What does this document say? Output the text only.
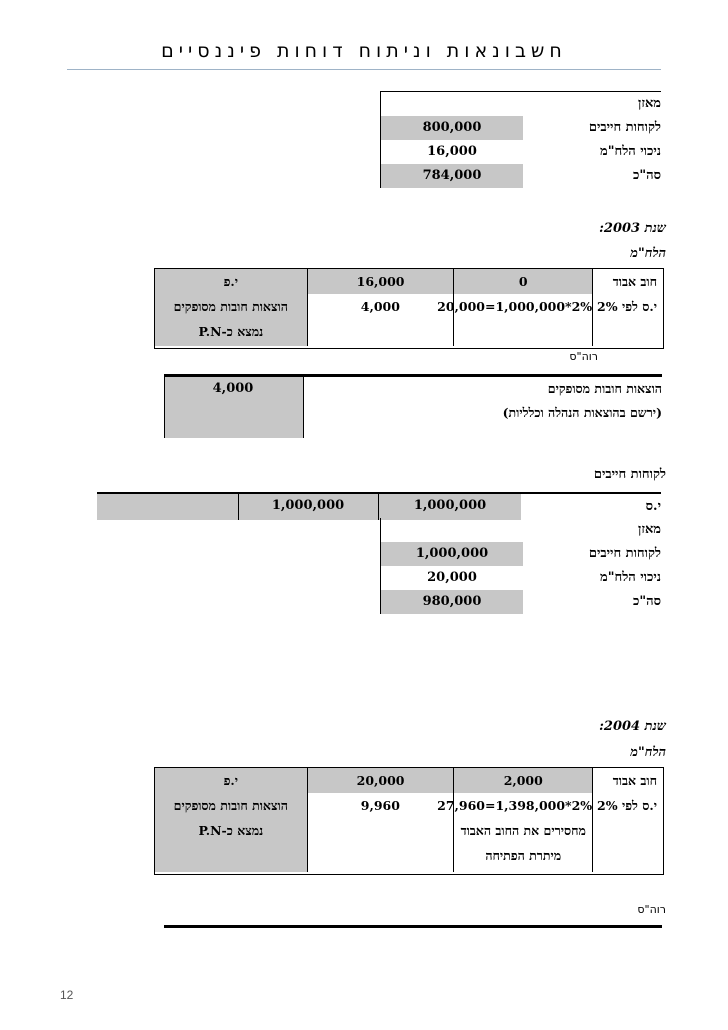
חשבונאות וניתוח דוחות פיננסיים
מאזן
לקוחות חייבים
800,000
ניכוי הלח"מ
16,000
סה"כ
784,000
שנת 2003:
הלח"מ
חוב אבוד
0
16,000
י.פ
י.ס לפי 2%
2%*1,000,000=20,000
4,000
הוצאות חובות מסופקים
נמצא כ-P.N
רוה"ס
4,000	הוצאות חובות מסופקים
(ירשם בהוצאות הנהלה וכלליות)
לקוחות חייבים
י.ס
1,000,000
1,000,000
מאזן
לקוחות חייבים
1,000,000
ניכוי הלח"מ
20,000
סה"כ
980,000
שנת 2004:
הלח"מ
חוב אבוד
2,000
20,000
י.פ
י.ס לפי 2%
2%*1,398,000=27,960
9,960
הוצאות חובות מסופקים
מחסירים את החוב האבוד
נמצא כ-P.N
מיתרת הפתיחה
רוה"ס
12
